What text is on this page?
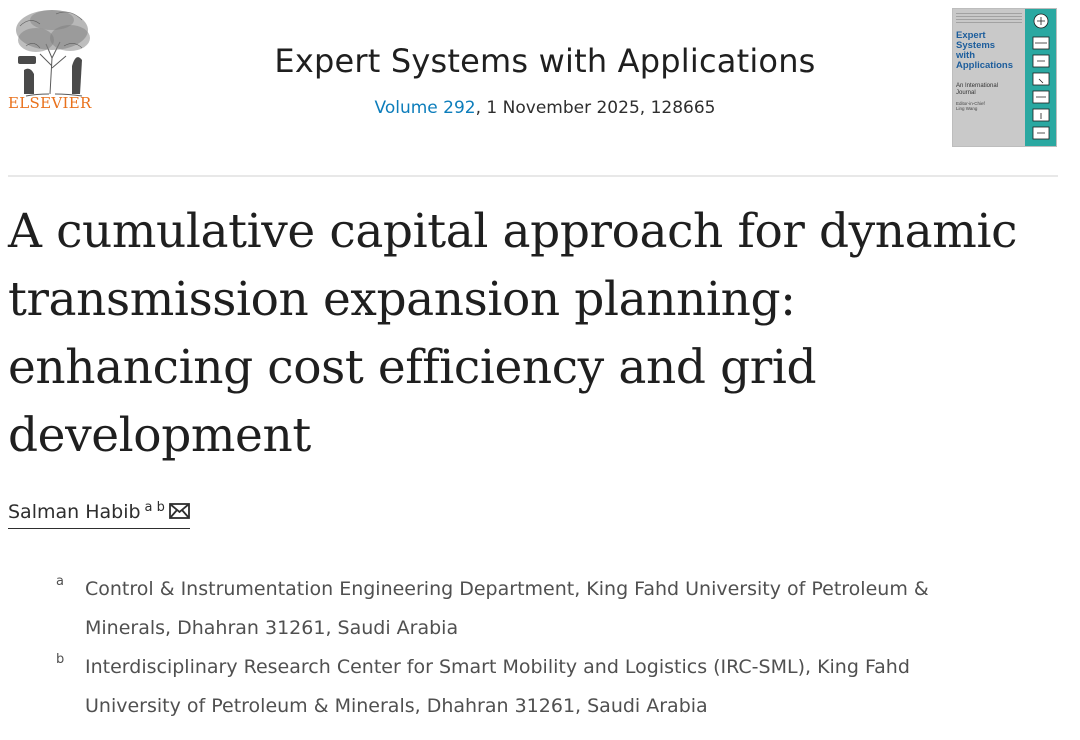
ELSEVIER
Expert Systems with Applications
Volume 292, 1 November 2025, 128665
Expert
Systems
with
Applications
An International
Journal
Editor-in-Chief
Ling Wang
A cumulative capital approach for dynamic
transmission expansion planning:
enhancing cost efficiency and grid
development
Salman Habib $^{a b}$
a Control & Instrumentation Engineering Department, King Fahd University of Petroleum &
Minerals, Dhahran 31261, Saudi Arabia
b Interdisciplinary Research Center for Smart Mobility and Logistics (IRC-SML), King Fahd
University of Petroleum & Minerals, Dhahran 31261, Saudi Arabia
